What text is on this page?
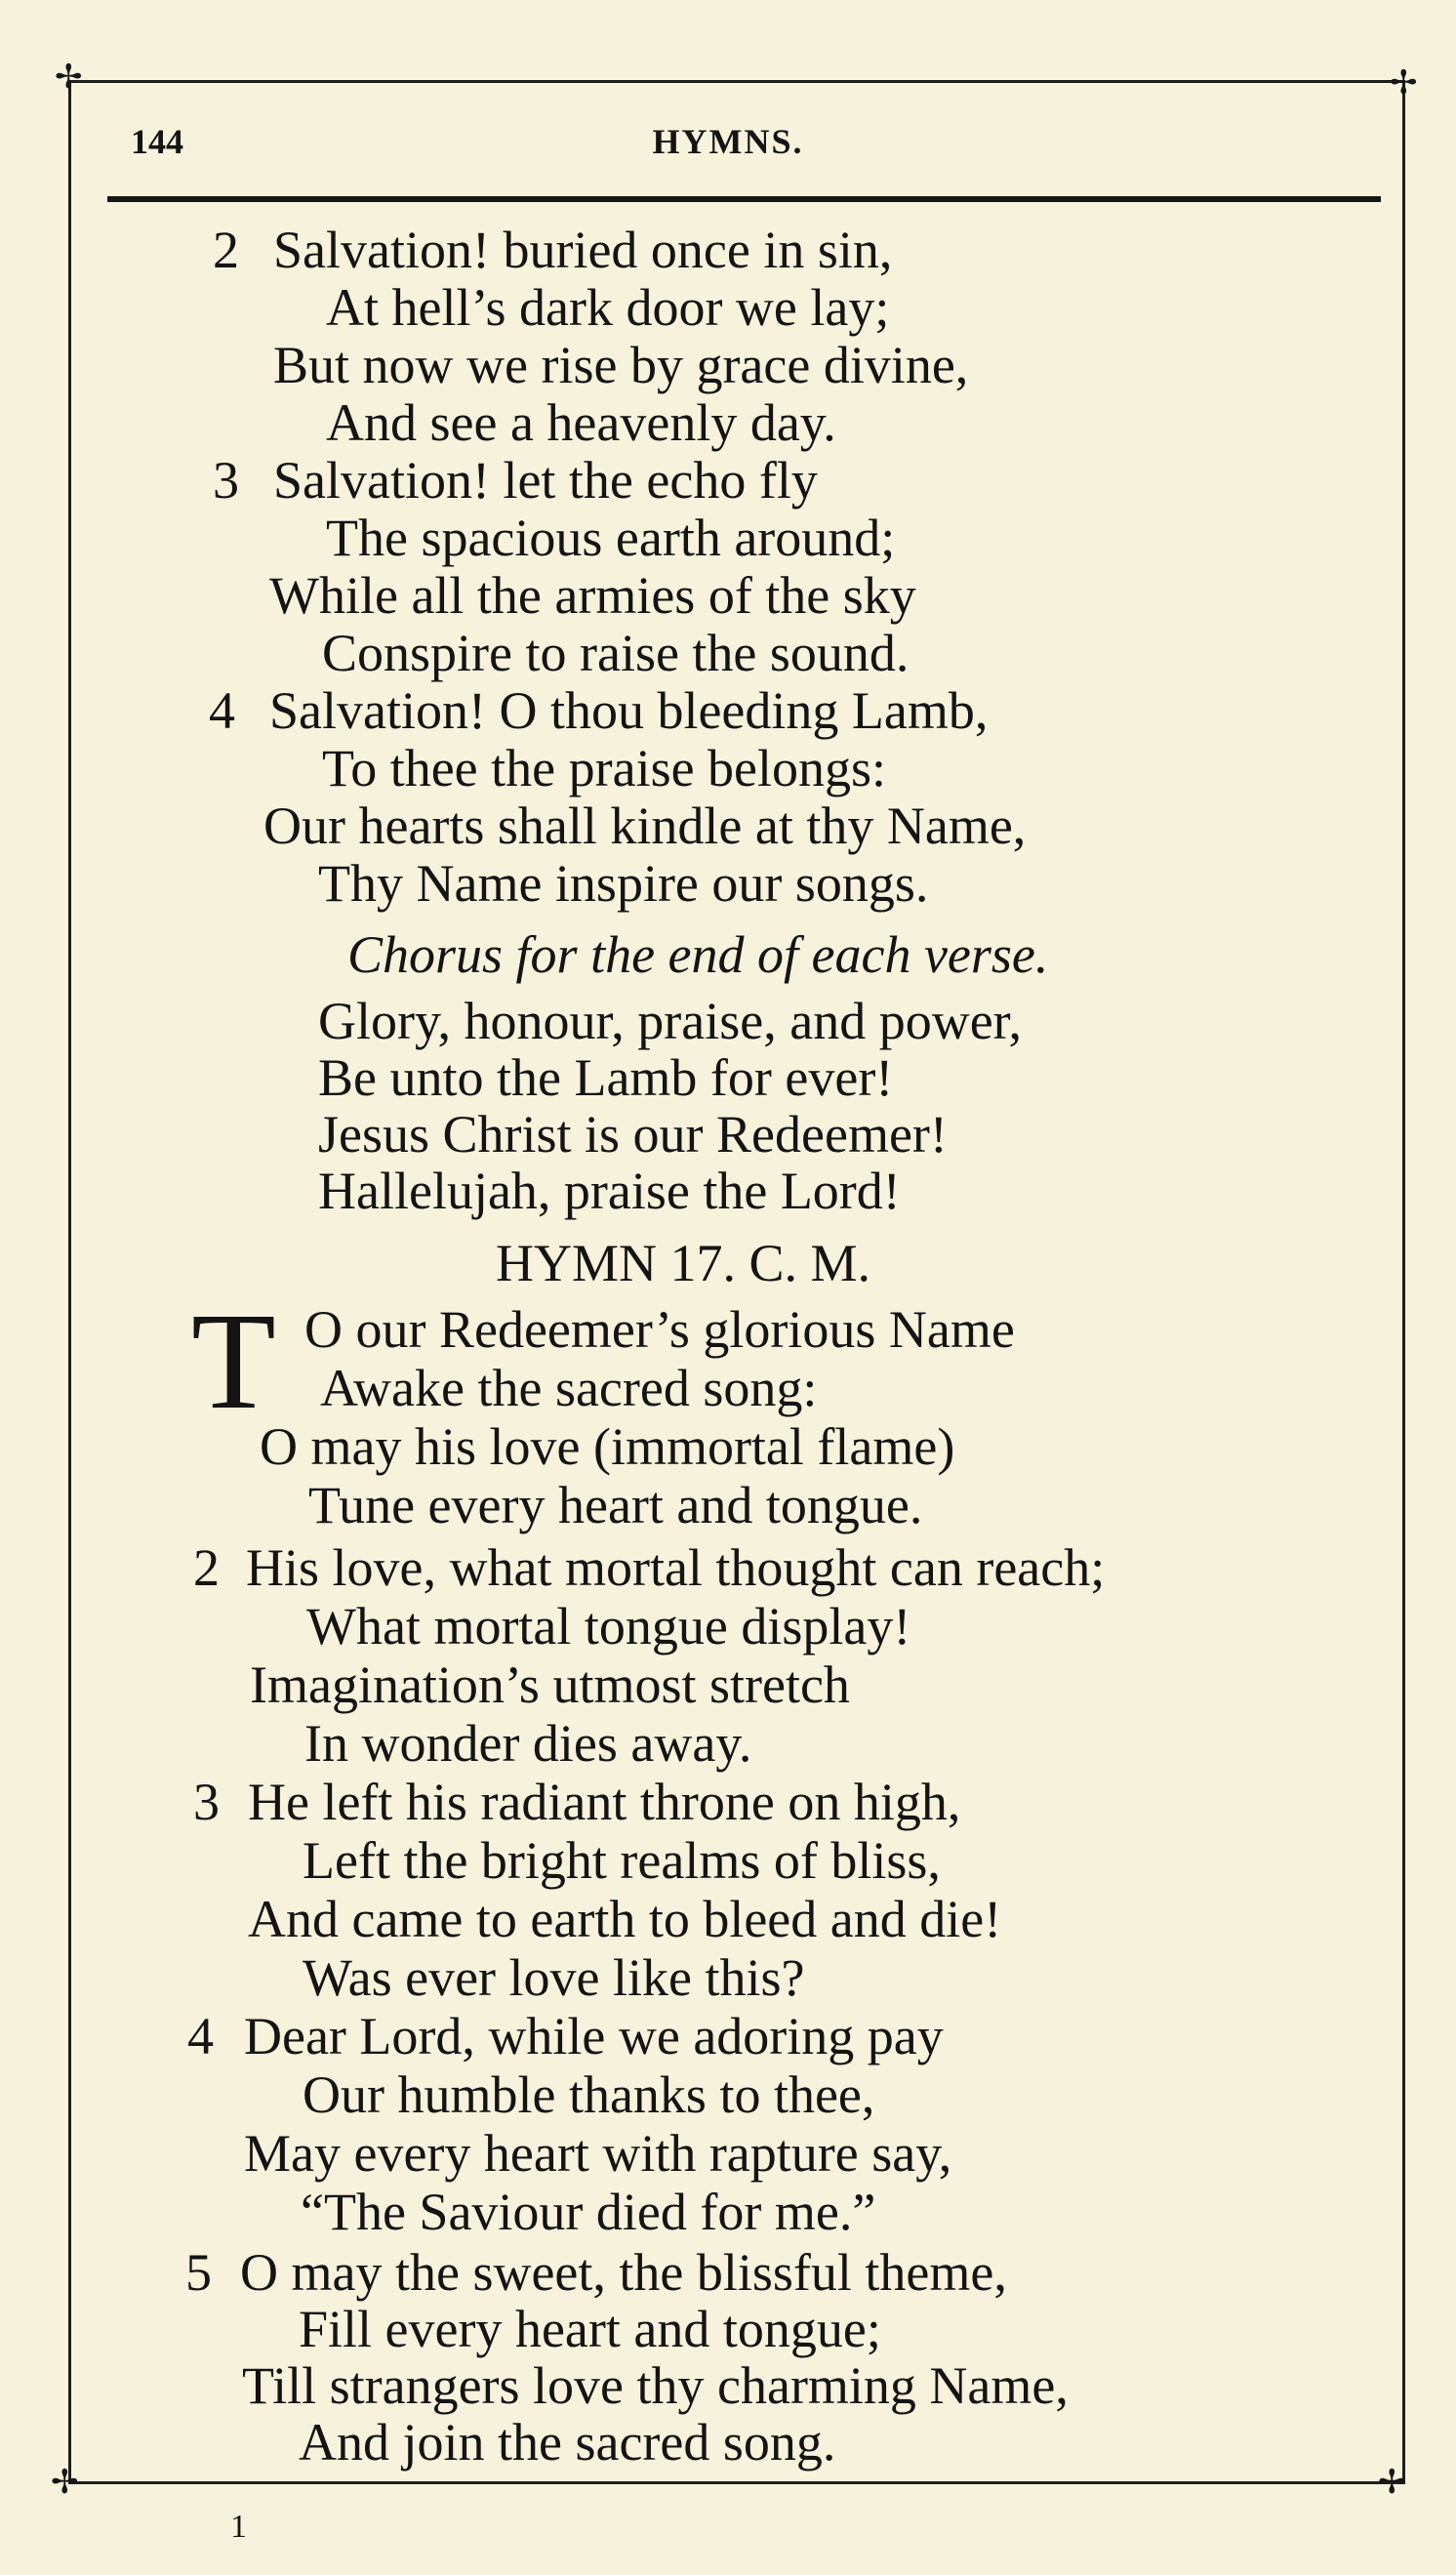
✢	✢
✢	✢
144	HYMNS.
2 Salvation! buried once in sin,
At hell’s dark door we lay;
But now we rise by grace divine,
And see a heavenly day.
3 Salvation! let the echo fly
The spacious earth around;
While all the armies of the sky
Conspire to raise the sound.
4 Salvation! O thou bleeding Lamb,
To thee the praise belongs:
Our hearts shall kindle at thy Name,
Thy Name inspire our songs.
Chorus for the end of each verse.
Glory, honour, praise, and power,
Be unto the Lamb for ever!
Jesus Christ is our Redeemer!
Hallelujah, praise the Lord!
HYMN 17. C. M.
T O our Redeemer’s glorious Name
Awake the sacred song:
O may his love (immortal flame)
Tune every heart and tongue.
2 His love, what mortal thought can reach;
What mortal tongue display!
Imagination’s utmost stretch
In wonder dies away.
3 He left his radiant throne on high,
Left the bright realms of bliss,
And came to earth to bleed and die!
Was ever love like this?
4 Dear Lord, while we adoring pay
Our humble thanks to thee,
May every heart with rapture say,
“The Saviour died for me.”
5 O may the sweet, the blissful theme,
Fill every heart and tongue;
Till strangers love thy charming Name,
And join the sacred song.
1
